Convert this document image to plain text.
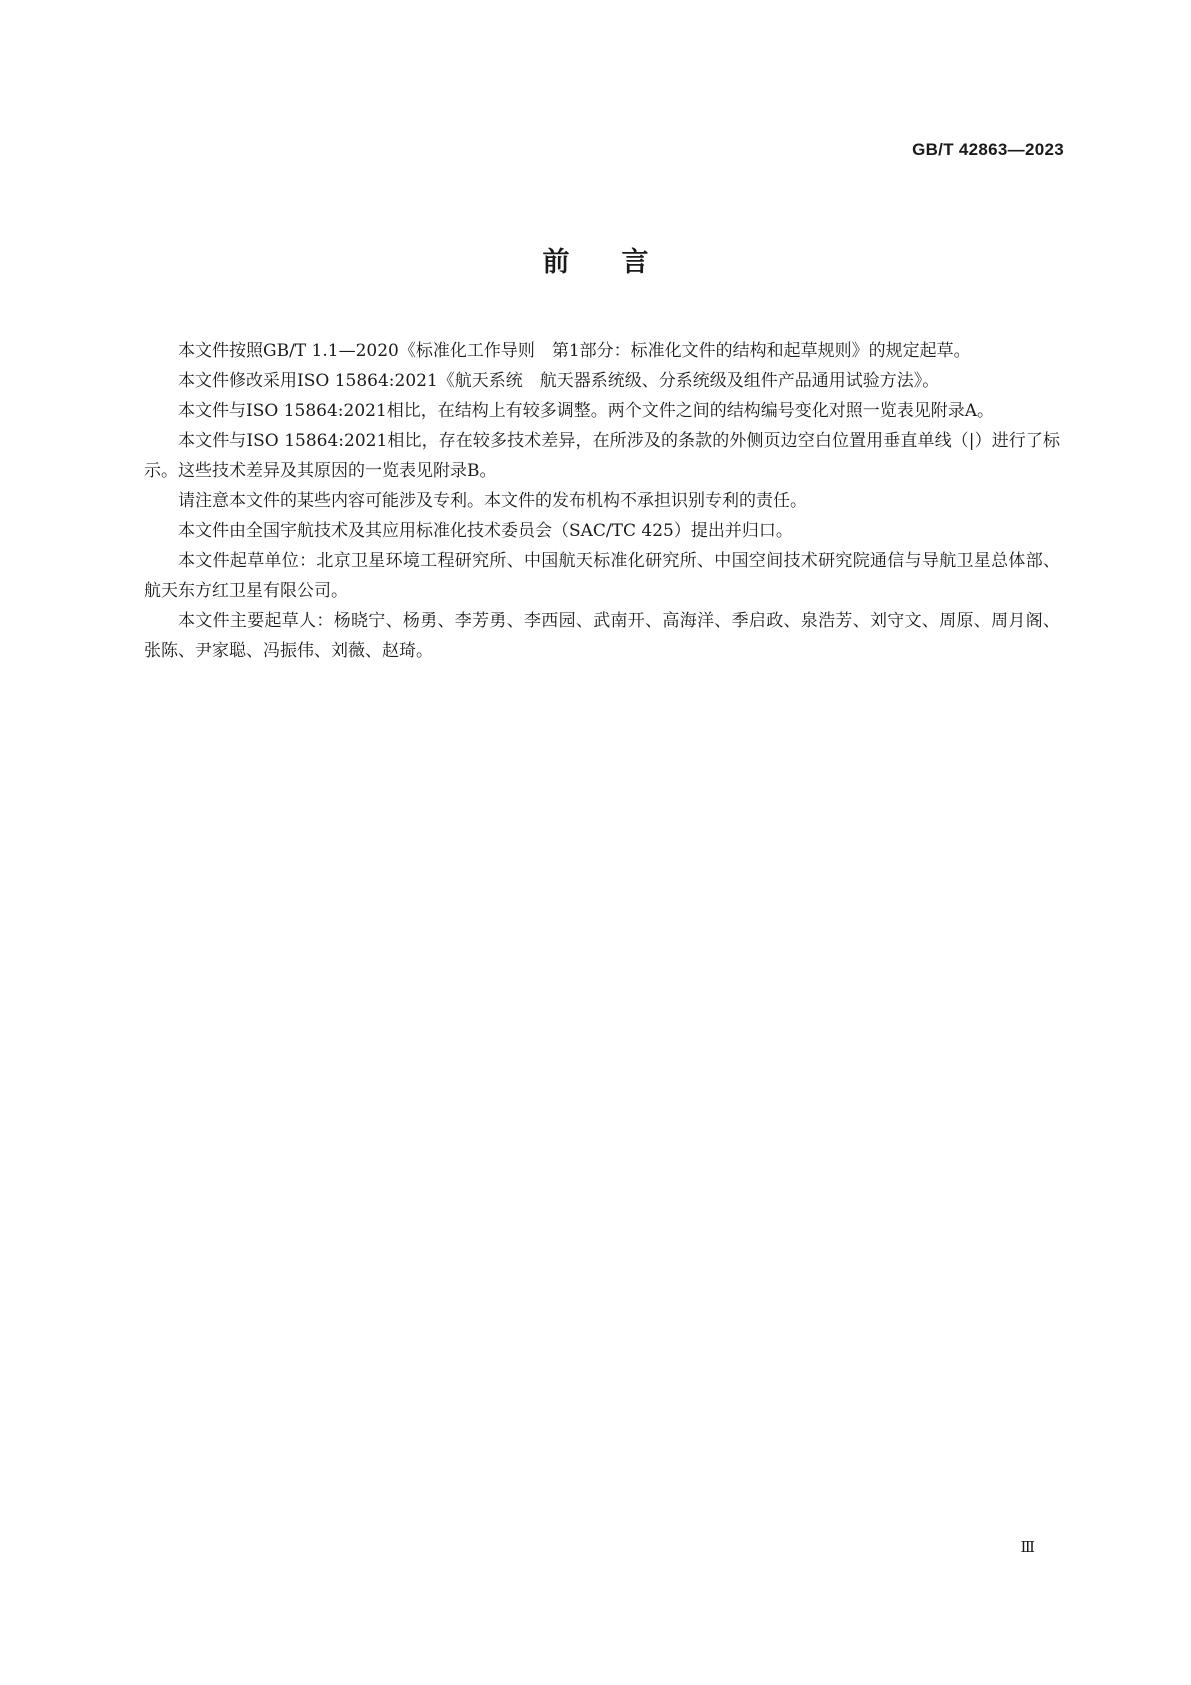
GB/T 42863—2023
前言

本文件按照GB/T 1.1—2020《标准化工作导则　第1部分：标准化文件的结构和起草规则》的规定起草。

本文件修改采用ISO 15864:2021《航天系统　航天器系统级、分系统级及组件产品通用试验方法》。

本文件与ISO 15864:2021相比，在结构上有较多调整。两个文件之间的结构编号变化对照一览表见附录A。

本文件与ISO 15864:2021相比，存在较多技术差异，在所涉及的条款的外侧页边空白位置用垂直单线（|）进行了标示。这些技术差异及其原因的一览表见附录B。

请注意本文件的某些内容可能涉及专利。本文件的发布机构不承担识别专利的责任。

本文件由全国宇航技术及其应用标准化技术委员会（SAC/TC 425）提出并归口。

本文件起草单位：北京卫星环境工程研究所、中国航天标准化研究所、中国空间技术研究院通信与导航卫星总体部、航天东方红卫星有限公司。

本文件主要起草人：杨晓宁、杨勇、李芳勇、李西园、武南开、高海洋、季启政、泉浩芳、刘守文、周原、周月阁、张陈、尹家聪、冯振伟、刘薇、赵琦。

Ⅲ
